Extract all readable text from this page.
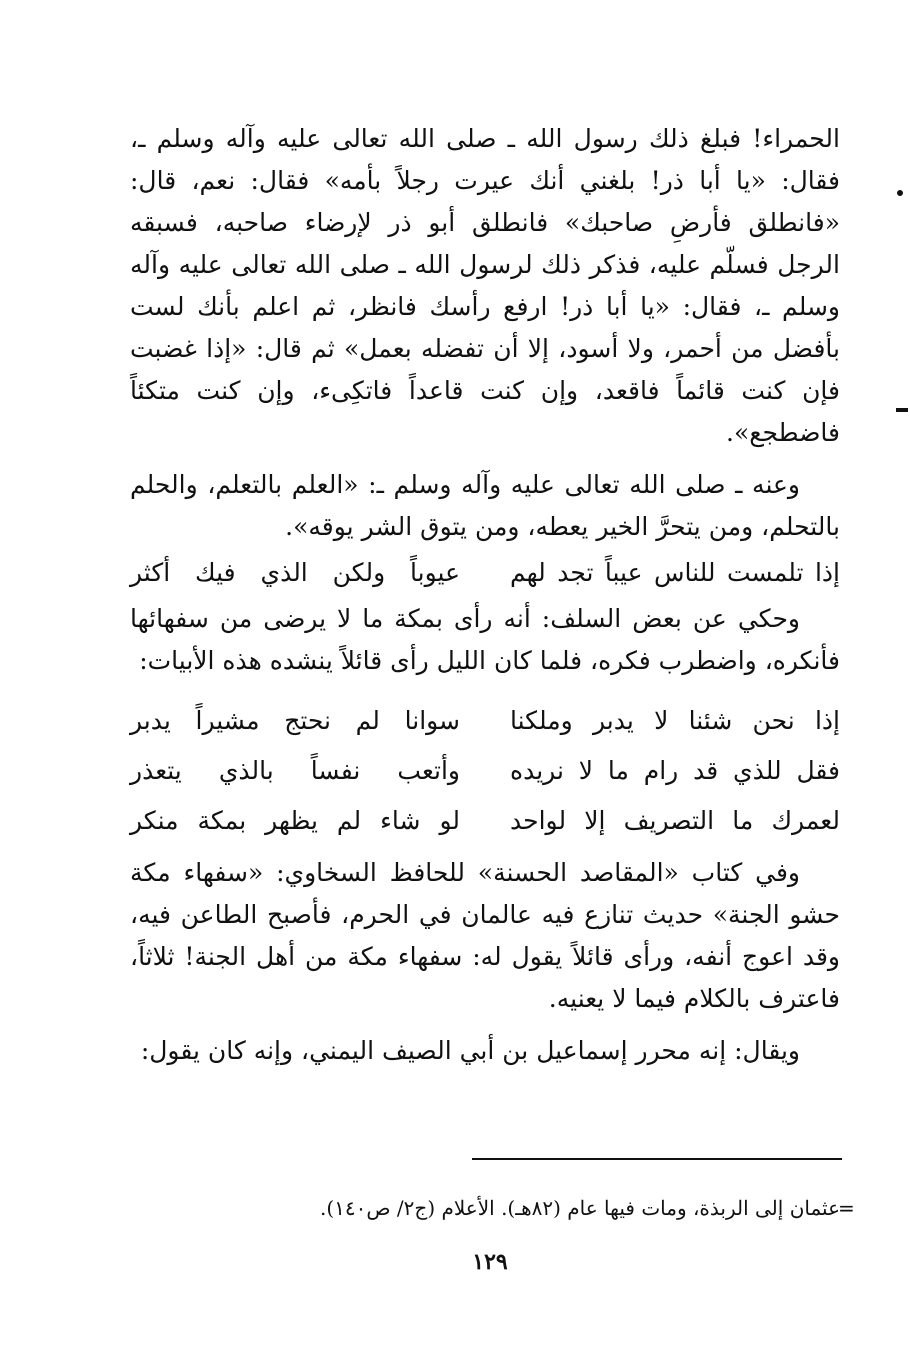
الحمراء! فبلغ ذلك رسول الله ـ صلى الله تعالى عليه وآله وسلم ـ، فقال: «يا أبا ذر! بلغني أنك عيرت رجلاً بأمه» فقال: نعم، قال: «فانطلق فأرضِ صاحبك» فانطلق أبو ذر لإرضاء صاحبه، فسبقه الرجل فسلّم عليه، فذكر ذلك لرسول الله ـ صلى الله تعالى عليه وآله وسلم ـ، فقال: «يا أبا ذر! ارفع رأسك فانظر، ثم اعلم بأنك لست بأفضل من أحمر، ولا أسود، إلا أن تفضله بعمل» ثم قال: «إذا غضبت فإن كنت قائماً فاقعد، وإن كنت قاعداً فاتكِىء، وإن كنت متكئاً فاضطجع».

وعنه ـ صلى الله تعالى عليه وآله وسلم ـ: «العلم بالتعلم، والحلم بالتحلم، ومن يتحرَّ الخير يعطه، ومن يتوق الشر يوقه».

إذا تلمست للناس عيباً تجد لهم
عيوباً ولكن الذي فيك أكثر

وحكي عن بعض السلف: أنه رأى بمكة ما لا يرضى من سفهائها فأنكره، واضطرب فكره، فلما كان الليل رأى قائلاً ينشده هذه الأبيات:

إذا نحن شئنا لا يدبر وملكنا
سوانا لم نحتج مشيراً يدبر
فقل للذي قد رام ما لا نريده
وأتعب نفساً بالذي يتعذر
لعمرك ما التصريف إلا لواحد
لو شاء لم يظهر بمكة منكر

وفي كتاب «المقاصد الحسنة» للحافظ السخاوي: «سفهاء مكة حشو الجنة» حديث تنازع فيه عالمان في الحرم، فأصبح الطاعن فيه، وقد اعوج أنفه، ورأى قائلاً يقول له: سفهاء مكة من أهل الجنة! ثلاثاً، فاعترف بالكلام فيما لا يعنيه.

ويقال: إنه محرر إسماعيل بن أبي الصيف اليمني، وإنه كان يقول:

=
عثمان إلى الربذة، ومات فيها عام (٨٢هـ). الأعلام (ج٢/ ص١٤٠).
١٢٩
